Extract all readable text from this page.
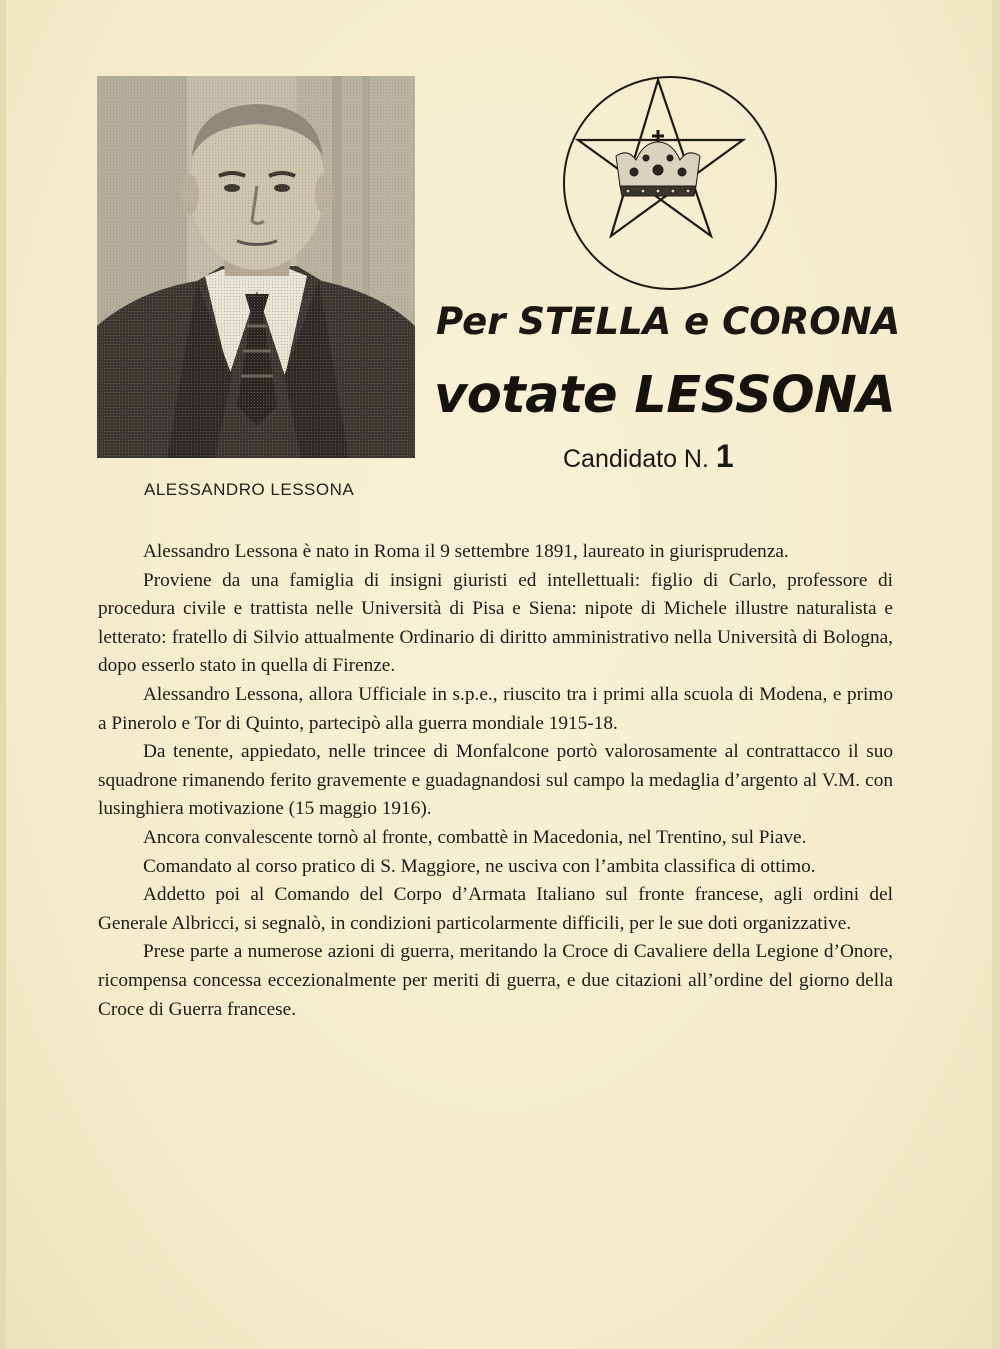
ALESSANDRO LESSONA
Per STELLA e CORONA
votate LESSONA
Candidato N. 1

Alessandro Lessona è nato in Roma il 9 settembre 1891, laureato in giurisprudenza.

Proviene da una famiglia di insigni giuristi ed intellettuali: figlio di Carlo, professore di procedura civile e trattista nelle Università di Pisa e Siena: nipote di Michele illustre naturalista e letterato: fratello di Silvio attualmente Ordinario di diritto amministrativo nella Università di Bologna, dopo esserlo stato in quella di Firenze.

Alessandro Lessona, allora Ufficiale in s.p.e., riuscito tra i primi alla scuola di Modena, e primo a Pinerolo e Tor di Quinto, partecipò alla guerra mondiale 1915-18.

Da tenente, appiedato, nelle trincee di Monfalcone portò valorosamente al contrattacco il suo squadrone rimanendo ferito gravemente e guadagnandosi sul campo la medaglia d’argento al V.M. con lusinghiera motivazione (15 maggio 1916).

Ancora convalescente tornò al fronte, combattè in Macedonia, nel Trentino, sul Piave.

Comandato al corso pratico di S. Maggiore, ne usciva con l’ambita classifica di ottimo.

Addetto poi al Comando del Corpo d’Armata Italiano sul fronte francese, agli ordini del Generale Albricci, si segnalò, in condizioni particolarmente difficili, per le sue doti organizzative.

Prese parte a numerose azioni di guerra, meritando la Croce di Cavaliere della Legione d’Onore, ricompensa concessa eccezionalmente per meriti di guerra, e due citazioni all’ordine del giorno della Croce di Guerra francese.
